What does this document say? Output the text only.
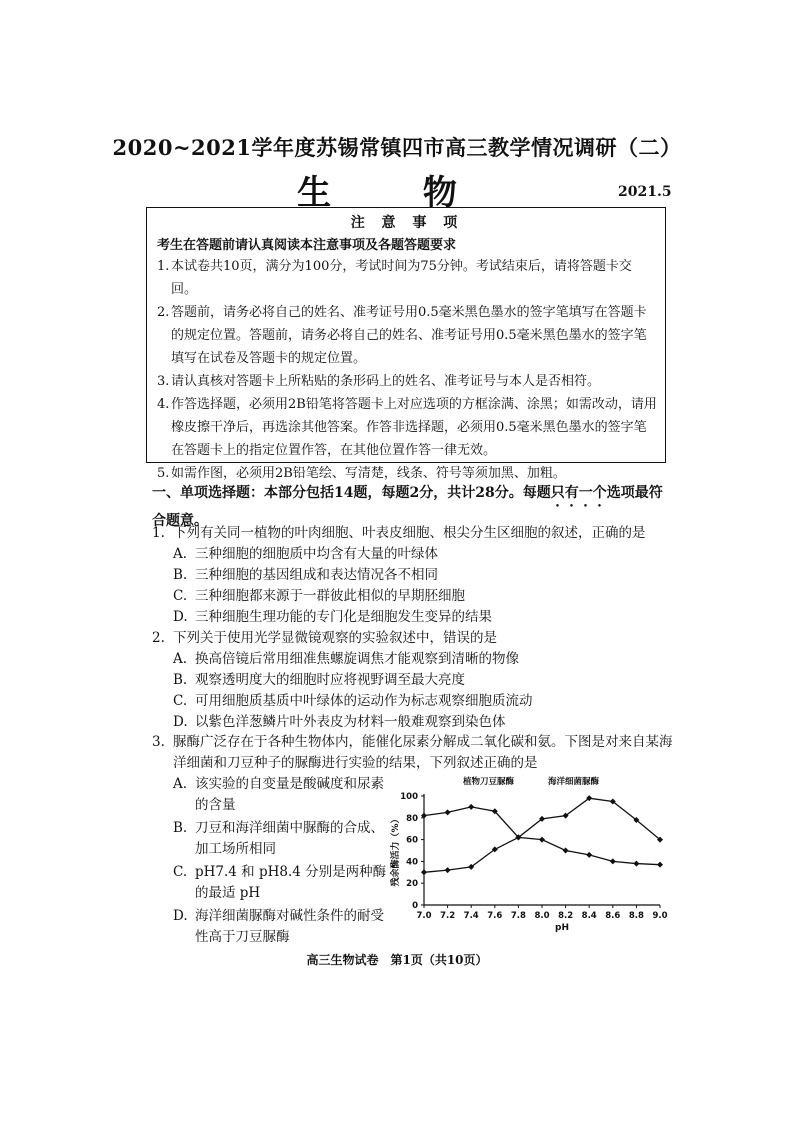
2020~2021学年度苏锡常镇四市高三教学情况调研（二）
生 物	2021.5
注 意 事 项
考生在答题前请认真阅读本注意事项及各题答题要求
1. 本试卷共10页，满分为100分，考试时间为75分钟。考试结束后，请将答题卡交回。
2. 答题前，请务必将自己的姓名、准考证号用0.5毫米黑色墨水的签字笔填写在答题卡的规定位置。答题前，请务必将自己的姓名、准考证号用0.5毫米黑色墨水的签字笔填写在试卷及答题卡的规定位置。
3. 请认真核对答题卡上所粘贴的条形码上的姓名、准考证号与本人是否相符。
4. 作答选择题，必须用2B铅笔将答题卡上对应选项的方框涂满、涂黑；如需改动，请用橡皮擦干净后，再选涂其他答案。作答非选择题，必须用0.5毫米黑色墨水的签字笔在答题卡上的指定位置作答，在其他位置作答一律无效。
5. 如需作图，必须用2B铅笔绘、写清楚，线条、符号等须加黑、加粗。
一、单项选择题：本部分包括14题，每题2分，共计28分。每题只有一个选项最符合题意。
1. 下列有关同一植物的叶肉细胞、叶表皮细胞、根尖分生区细胞的叙述，正确的是
A. 三种细胞的细胞质中均含有大量的叶绿体
B. 三种细胞的基因组成和表达情况各不相同
C. 三种细胞都来源于一群彼此相似的早期胚细胞
D. 三种细胞生理功能的专门化是细胞发生变异的结果
2. 下列关于使用光学显微镜观察的实验叙述中，错误的是
A. 换高倍镜后常用细准焦螺旋调焦才能观察到清晰的物像
B. 观察透明度大的细胞时应将视野调至最大亮度
C. 可用细胞质基质中叶绿体的运动作为标志观察细胞质流动
D. 以紫色洋葱鳞片叶外表皮为材料一般难观察到染色体
3. 脲酶广泛存在于各种生物体内，能催化尿素分解成二氧化碳和氨。下图是对来自某海洋细菌和刀豆种子的脲酶进行实验的结果，下列叙述正确的是
A. 该实验的自变量是酸碱度和尿素的含量
B. 刀豆和海洋细菌中脲酶的合成、加工场所相同
C. pH7.4 和 pH8.4 分别是两种酶的最适 pH
D. 海洋细菌脲酶对碱性条件的耐受性高于刀豆脲酶
0
20
40
60
80
100
7.0 7.2 7.4 7.6 7.8 8.0 8.2 8.4 8.6 8.8 9.0
pH
残余酶活力（%）
植物刀豆脲酶	海洋细菌脲酶
高三生物试卷　第1页（共10页）
